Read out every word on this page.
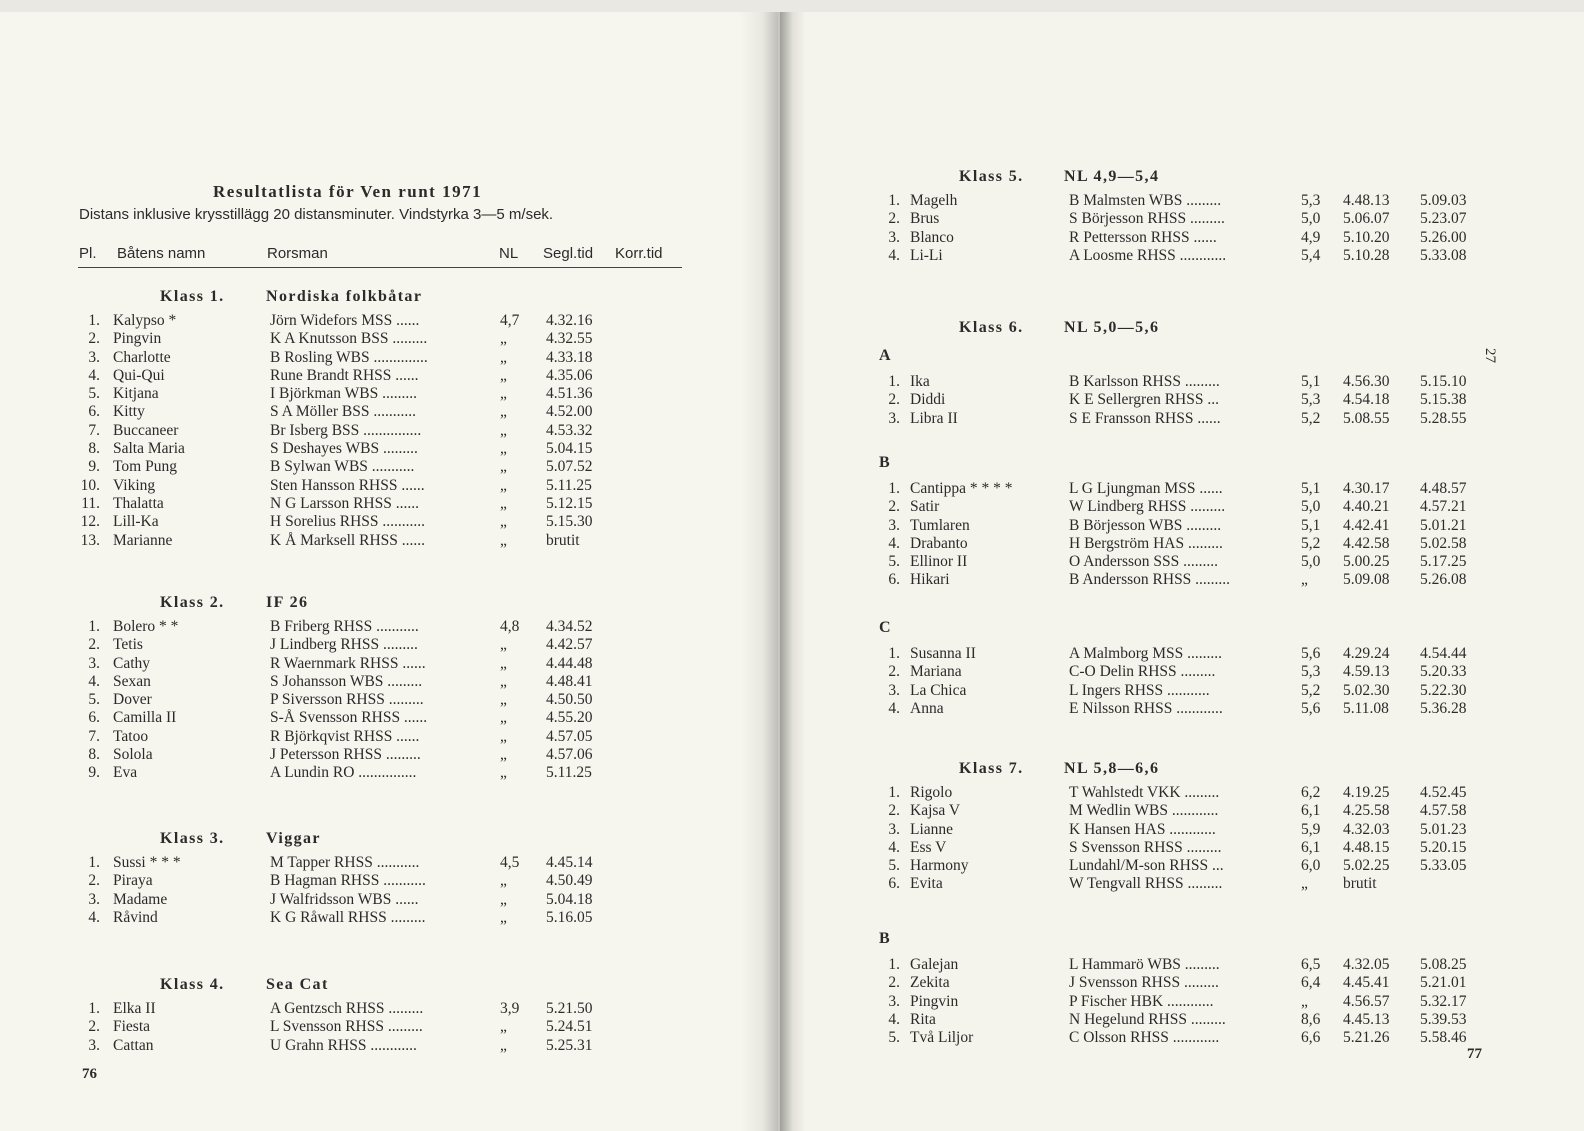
Resultatlista för Ven runt 1971
Distans inklusive krysstillägg 20 distansminuter. Vindstyrka 3—5 m/sek.
Pl. Båtens namn	Rorsman	NL Segl.tid Korr.tid
Klass 1.	Nordiska folkbåtar
1. Kalypso *	Jörn Widefors MSS ......	4,7 4.32.16
2. Pingvin	K A Knutsson BSS .........	„	4.32.55
3. Charlotte	B Rosling WBS ..............	„	4.33.18
4. Qui-Qui	Rune Brandt RHSS ......	„	4.35.06
5. Kitjana	I Björkman WBS .........	„	4.51.36
6. Kitty	S A Möller BSS ...........	„	4.52.00
7. Buccaneer	Br Isberg BSS ...............	„	4.53.32
8. Salta Maria	S Deshayes WBS .........	„	5.04.15
9. Tom Pung	B Sylwan WBS ...........	„	5.07.52
10. Viking	Sten Hansson RHSS ......	„	5.11.25
11. Thalatta	N G Larsson RHSS ......	„	5.12.15
12. Lill-Ka	H Sorelius RHSS ...........	„	5.15.30
13. Marianne	K Å Marksell RHSS ......	„	brutit
Klass 2.	IF 26
1. Bolero * *	B Friberg RHSS ...........	4,8 4.34.52
2. Tetis	J Lindberg RHSS .........	„	4.42.57
3. Cathy	R Waernmark RHSS ......	„	4.44.48
4. Sexan	S Johansson WBS .........	„	4.48.41
5. Dover	P Siversson RHSS .........	„	4.50.50
6. Camilla II	S-Å Svensson RHSS ......	„	4.55.20
7. Tatoo	R Björkqvist RHSS ......	„	4.57.05
8. Solola	J Petersson RHSS .........	„	4.57.06
9. Eva	A Lundin RO ...............	„	5.11.25
Klass 3.	Viggar
1. Sussi * * *	M Tapper RHSS ...........	4,5 4.45.14
2. Piraya	B Hagman RHSS ...........	„	4.50.49
3. Madame	J Walfridsson WBS ......	„	5.04.18
4. Råvind	K G Råwall RHSS .........	„	5.16.05
Klass 4.	Sea Cat
1. Elka II	A Gentzsch RHSS .........	3,9 5.21.50
2. Fiesta	L Svensson RHSS .........	„	5.24.51
3. Cattan	U Grahn RHSS ............	„	5.25.31
76
Klass 5.	NL 4,9—5,4
1. Magelh	B Malmsten WBS .........	5,3 4.48.13 5.09.03
2. Brus	S Börjesson RHSS .........	5,0 5.06.07 5.23.07
3. Blanco	R Pettersson RHSS ......	4,9 5.10.20 5.26.00
4. Li-Li	A Loosme RHSS ............	5,4 5.10.28 5.33.08
Klass 6.	NL 5,0—5,6
A
1. Ika	B Karlsson RHSS .........	5,1 4.56.30 5.15.10
2. Diddi	K E Sellergren RHSS ...	5,3 4.54.18 5.15.38
3. Libra II	S E Fransson RHSS ......	5,2 5.08.55 5.28.55
B
1. Cantippa * * * *	L G Ljungman MSS ......	5,1 4.30.17 4.48.57
2. Satir	W Lindberg RHSS .........	5,0 4.40.21 4.57.21
3. Tumlaren	B Börjesson WBS .........	5,1 4.42.41 5.01.21
4. Drabanto	H Bergström HAS .........	5,2 4.42.58 5.02.58
5. Ellinor II	O Andersson SSS .........	5,0 5.00.25 5.17.25
6. Hikari	B Andersson RHSS .........	„ 5.09.08 5.26.08
C
1. Susanna II	A Malmborg MSS .........	5,6 4.29.24 4.54.44
2. Mariana	C-O Delin RHSS .........	5,3 4.59.13 5.20.33
3. La Chica	L Ingers RHSS ...........	5,2 5.02.30 5.22.30
4. Anna	E Nilsson RHSS ............	5,6 5.11.08 5.36.28
Klass 7.	NL 5,8—6,6
1. Rigolo	T Wahlstedt VKK .........	6,2 4.19.25 4.52.45
2. Kajsa V	M Wedlin WBS ............	6,1 4.25.58 4.57.58
3. Lianne	K Hansen HAS ............	5,9 4.32.03 5.01.23
4. Ess V	S Svensson RHSS .........	6,1 4.48.15 5.20.15
5. Harmony	Lundahl/M-son RHSS ...	6,0 5.02.25 5.33.05
6. Evita	W Tengvall RHSS .........	„ brutit
B
1. Galejan	L Hammarö WBS .........	6,5 4.32.05 5.08.25
2. Zekita	J Svensson RHSS .........	6,4 4.45.41 5.21.01
3. Pingvin	P Fischer HBK ............	„ 4.56.57 5.32.17
4. Rita	N Hegelund RHSS .........	8,6 4.45.13 5.39.53
5. Två Liljor	C Olsson RHSS ............	6,6 5.21.26 5.58.46
27
77
